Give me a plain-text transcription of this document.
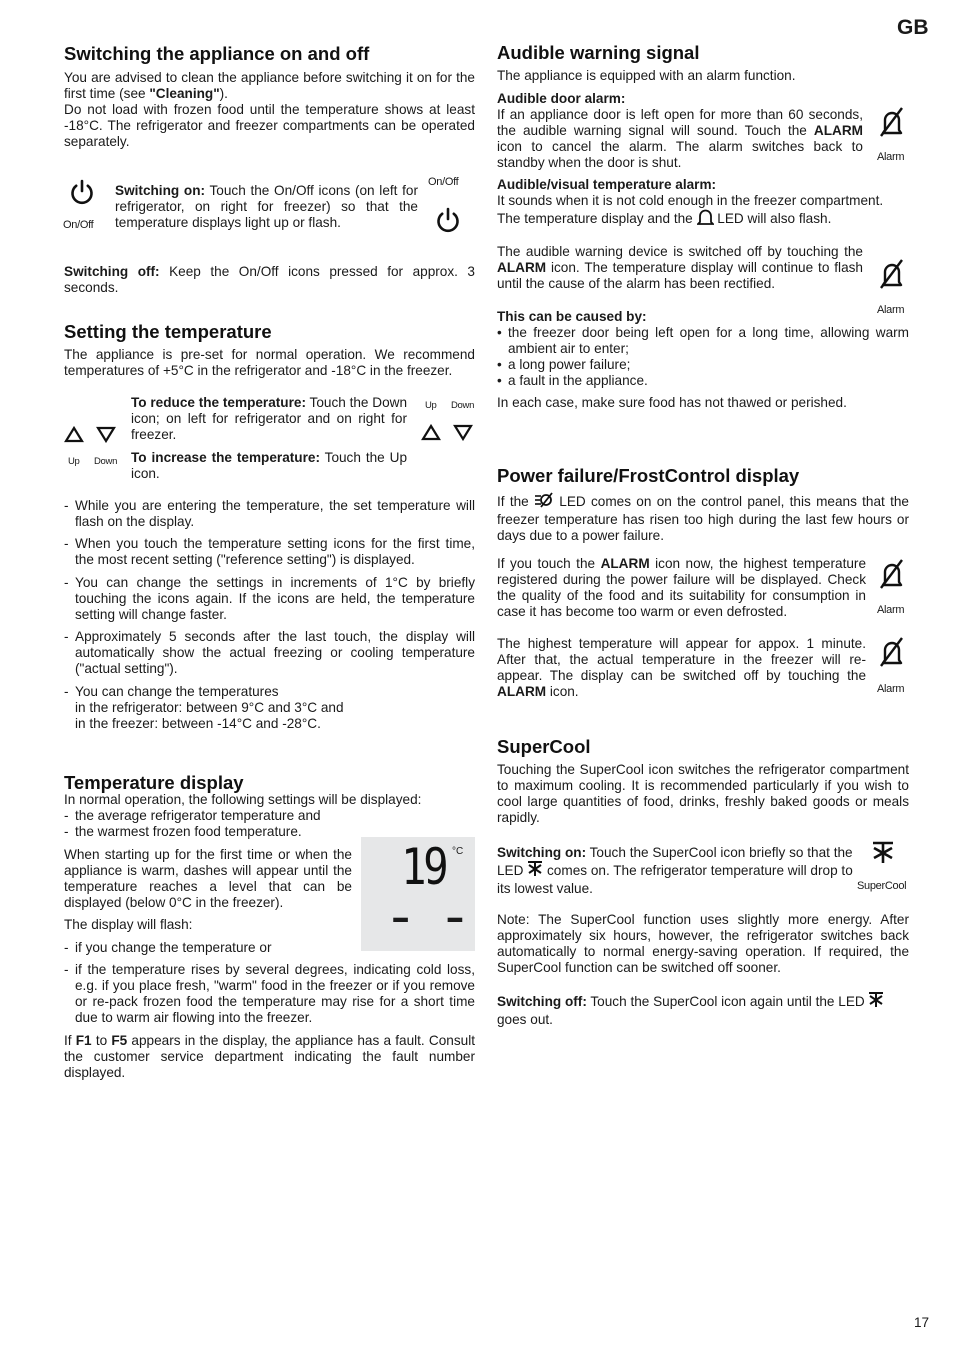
GB
Switching the appliance on and off

You are advised to clean the appliance before switching it on for the first time (see "Cleaning").

Do not load with frozen food until the temperature shows at least -18°C. The refrigerator and freezer compartments can be operated separately.

On/Off

Switching on: Touch the On/Off icons (on left for refrigerator, on right for freezer) so that the temperature displays light up or flash.

On/Off

Switching off: Keep the On/Off icons pressed for approx. 3 seconds.

Setting the temperature

The appliance is pre-set for normal operation. We recommend temperatures of +5°C in the refrigerator and -18°C in the freezer.

Up Down

To reduce the temperature: Touch the Down icon; on left for refrigerator and on right for freezer.

To increase the temperature: Touch the Up icon.

Up Down
- While you are entering the temperature, the set temperature will flash on the display.

- When you touch the temperature setting icons for the first time, the most recent setting ("reference setting") is displayed.

- You can change the settings in increments of 1°C by briefly touching the icons again. If the icons are held, the temperature setting will change faster.

- Approximately 5 seconds after the last touch, the display will automatically show the actual freezing or cooling temperature ("actual setting").

- You can change the temperatures
in the refrigerator: between 9°C and 3°C and
in the freezer: between -14°C and -28°C.

Temperature display

In normal operation, the following settings will be displayed:

- the average refrigerator temperature and

- the warmest frozen food temperature.

When starting up for the first time or when the appliance is warm, dashes will appear until the temperature reaches a level that can be displayed (below 0°C in the freezer).

The display will flash:

- if you change the temperature or

- if the temperature rises by several degrees, indicating cold loss, e.g. if you place fresh, "warm" food in the freezer or if you remove or re-pack frozen food the temperature may rise for a short time due to warm air flowing into the freezer.

If F1 to F5 appears in the display, the appliance has a fault. Consult the customer service department indicating the fault number displayed.

19 °C
- -
Audible warning signal

The appliance is equipped with an alarm function.

Audible door alarm:

If an appliance door is left open for more than 60 seconds, the audible warning signal will sound. Touch the ALARM icon to cancel the alarm. The alarm switches back to standby when the door is shut.	Alarm
Audible/visual temperature alarm:

It sounds when it is not cold enough in the freezer compartment. The temperature display and the  LED will also flash.

The audible warning device is switched off by touching the ALARM icon. The temperature display will continue to flash until the cause of the alarm has been rectified.

Alarm
This can be caused by:
• the freezer door being left open for a long time, allowing warm ambient air to enter;

• a long power failure;

• a fault in the appliance.

In each case, make sure food has not thawed or perished.

Power failure/FrostControl display

If the  LED comes on on the control panel, this means that the freezer temperature has risen too high during the last few hours or days due to a power failure.

If you touch the ALARM icon now, the highest temperature registered during the power failure will be displayed. Check the quality of the food and its suitability for consumption in case it has become too warm or even defrosted.	Alarm

The highest temperature will appear for appox. 1 minute. After that, the actual temperature in the freezer will re-appear. The display can be switched off by touching the ALARM icon.	Alarm
SuperCool

Touching the SuperCool icon switches the refrigerator compartment to maximum cooling. It is recommended particularly if you wish to cool large quantities of food, drinks, freshly baked goods or meals rapidly.

Switching on: Touch the SuperCool icon briefly so that the LED  comes on. The refrigerator temperature will drop to its lowest value.	SuperCool

Note: The SuperCool function uses slightly more energy. After approximately six hours, however, the refrigerator switches back automatically to normal energy-saving operation. If required, the SuperCool function can be switched off sooner.

Switching off: Touch the SuperCool icon again until the LED  goes out.

17
